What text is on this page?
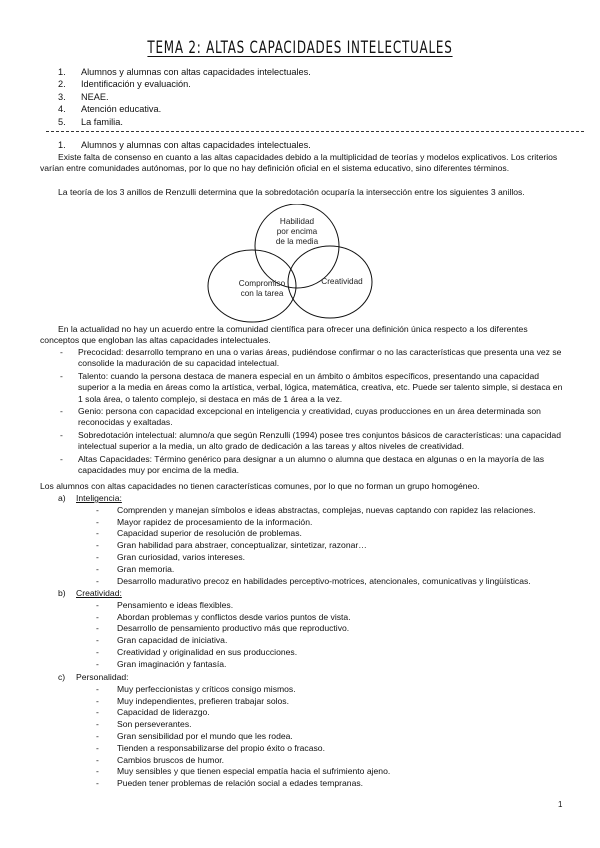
TEMA 2: ALTAS CAPACIDADES INTELECTUALES
1. Alumnos y alumnas con altas capacidades intelectuales.
2. Identificación y evaluación.
3. NEAE.
4. Atención educativa.
5. La familia.
1. Alumnos y alumnas con altas capacidades intelectuales.
Existe falta de consenso en cuanto a las altas capacidades debido a la multiplicidad de teorías y modelos explicativos. Los criterios varían entre comunidades autónomas, por lo que no hay definición oficial en el sistema educativo, sino diferentes términos.
La teoría de los 3 anillos de Renzulli determina que la sobredotación ocuparía la intersección entre los siguientes 3 anillos.
Habilidad
por encima
de la media
Compromiso
con la tarea
Creatividad
En la actualidad no hay un acuerdo entre la comunidad científica para ofrecer una definición única respecto a los diferentes conceptos que engloban las altas capacidades intelectuales.
- Precocidad: desarrollo temprano en una o varias áreas, pudiéndose confirmar o no las características que presenta una vez se consolide la maduración de su capacidad intelectual.
- Talento: cuando la persona destaca de manera especial en un ámbito o ámbitos específicos, presentando una capacidad superior a la media en áreas como la artística, verbal, lógica, matemática, creativa, etc. Puede ser talento simple, si destaca en 1 sola área, o talento complejo, si destaca en más de 1 área a la vez.
- Genio: persona con capacidad excepcional en inteligencia y creatividad, cuyas producciones en un área determinada son reconocidas y exaltadas.
- Sobredotación intelectual: alumno/a que según Renzulli (1994) posee tres conjuntos básicos de características: una capacidad intelectual superior a la media, un alto grado de dedicación a las tareas y altos niveles de creatividad.
- Altas Capacidades: Término genérico para designar a un alumno o alumna que destaca en algunas o en la mayoría de las capacidades muy por encima de la media.
Los alumnos con altas capacidades no tienen características comunes, por lo que no forman un grupo homogéneo.
a) Inteligencia:
- Comprenden y manejan símbolos e ideas abstractas, complejas, nuevas captando con rapidez las relaciones.
- Mayor rapidez de procesamiento de la información.
- Capacidad superior de resolución de problemas.
- Gran habilidad para abstraer, conceptualizar, sintetizar, razonar…
- Gran curiosidad, varios intereses.
- Gran memoria.
- Desarrollo madurativo precoz en habilidades perceptivo-motrices, atencionales, comunicativas y lingüísticas.
b) Creatividad:
- Pensamiento e ideas flexibles.
- Abordan problemas y conflictos desde varios puntos de vista.
- Desarrollo de pensamiento productivo más que reproductivo.
- Gran capacidad de iniciativa.
- Creatividad y originalidad en sus producciones.
- Gran imaginación y fantasía.
c) Personalidad:
- Muy perfeccionistas y críticos consigo mismos.
- Muy independientes, prefieren trabajar solos.
- Capacidad de liderazgo.
- Son perseverantes.
- Gran sensibilidad por el mundo que les rodea.
- Tienden a responsabilizarse del propio éxito o fracaso.
- Cambios bruscos de humor.
- Muy sensibles y que tienen especial empatía hacia el sufrimiento ajeno.
- Pueden tener problemas de relación social a edades tempranas.
1
